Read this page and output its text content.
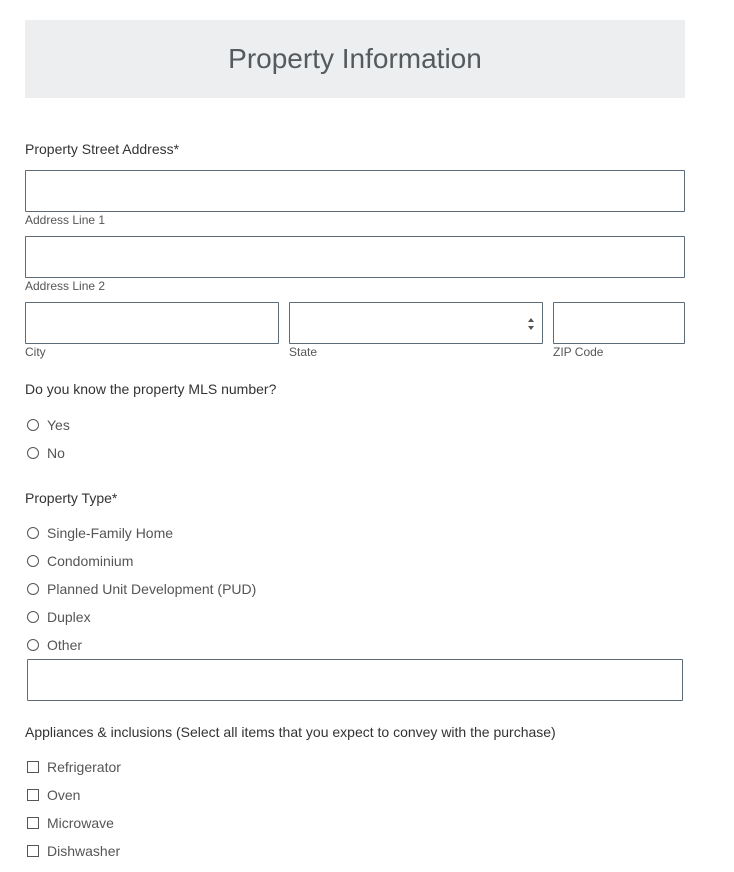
Property Information
Property Street Address*
Address Line 1
Address Line 2
City	State	ZIP Code
Do you know the property MLS number?
Yes
No
Property Type*
Single-Family Home
Condominium
Planned Unit Development (PUD)
Duplex
Other
Appliances & inclusions (Select all items that you expect to convey with the purchase)
Refrigerator
Oven
Microwave
Dishwasher
